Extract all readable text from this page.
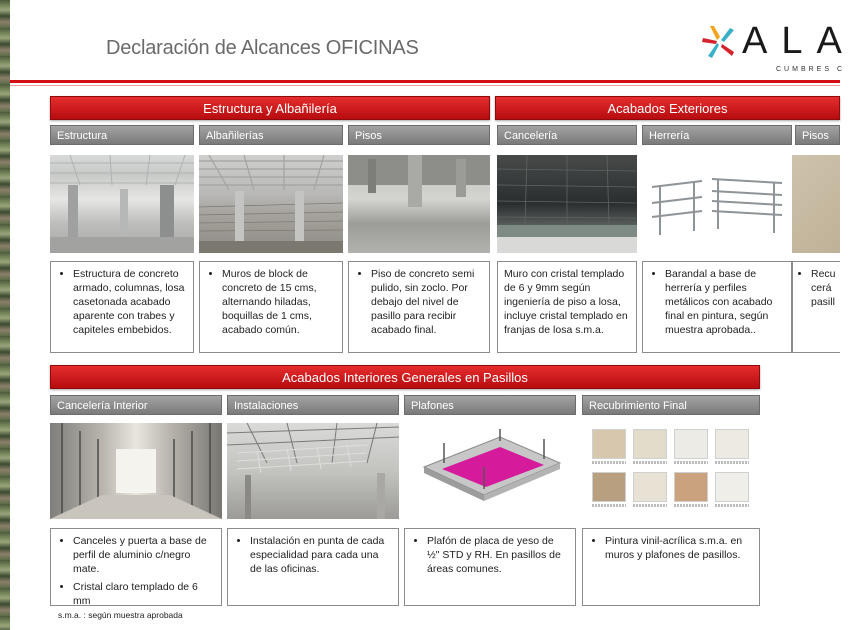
Declaración de Alcances OFICINAS	ALA
CUMBRES C
Estructura y Albañilería	Acabados Exteriores
Estructura	Albañilerías	Pisos	Cancelería	Herrería	Pisos
• Estructura de concreto armado, columnas, losa casetonada acabado aparente con trabes y capiteles embebidos.
• Muros de block de concreto de 15 cms, alternando hiladas, boquillas de 1 cms, acabado común.
• Piso de concreto semi pulido, sin zoclo. Por debajo del nivel de pasillo para recibir acabado final.

Muro con cristal templado de 6 y 9mm según ingeniería de piso a losa, incluye cristal templado en franjas de losa s.m.a.

• Barandal a base de herrería y perfiles metálicos con acabado final en pintura, según muestra aprobada..
• Recu cerá pasill
Acabados Interiores Generales en Pasillos
Cancelería Interior	Instalaciones	Plafones	Recubrimiento Final
• Canceles y puerta a base de perfil de aluminio c/negro mate.
• Cristal claro templado de 6 mm
• Instalación en punta de cada especialidad para cada una de las oficinas.
• Plafón de placa de yeso de ½" STD y RH. En pasillos de áreas comunes.
• Pintura vinil-acrílica s.m.a. en muros y plafones de pasillos.
s.m.a. : según muestra aprobada
